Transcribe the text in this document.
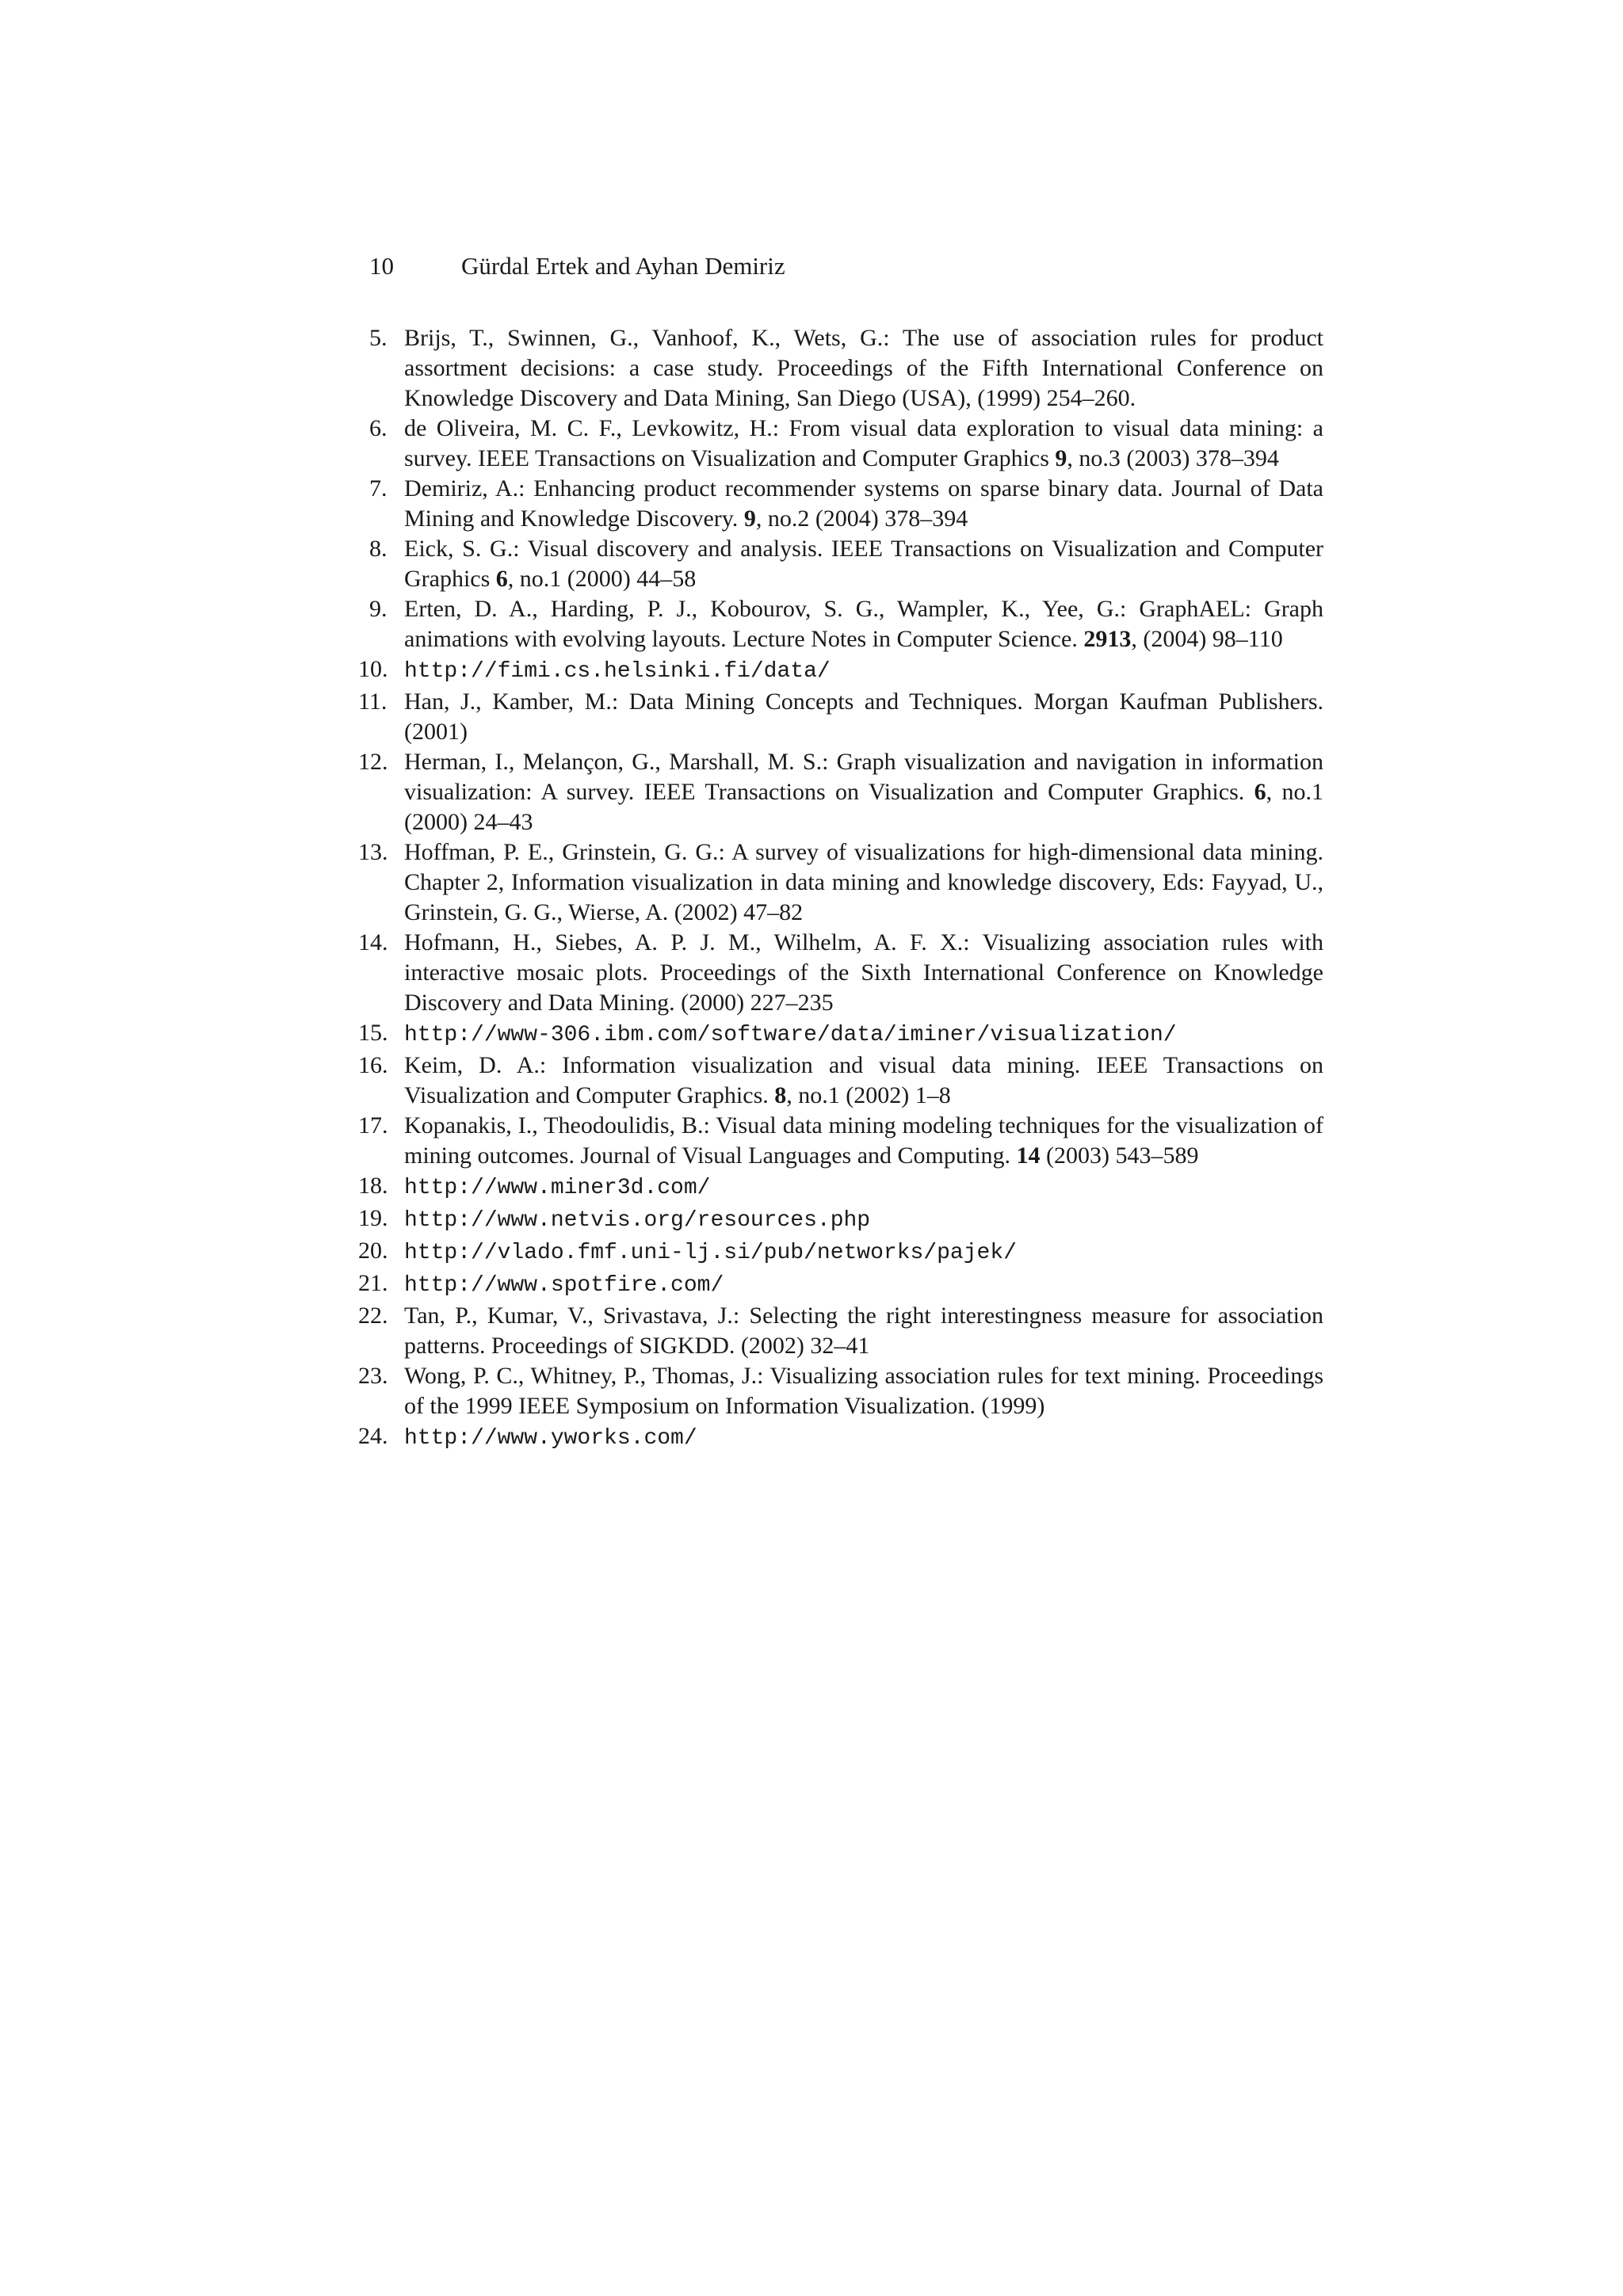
10	Gürdal Ertek and Ayhan Demiriz
5. Brijs, T., Swinnen, G., Vanhoof, K., Wets, G.: The use of association rules for product assortment decisions: a case study. Proceedings of the Fifth International Conference on Knowledge Discovery and Data Mining, San Diego (USA), (1999) 254–260.
6. de Oliveira, M. C. F., Levkowitz, H.: From visual data exploration to visual data mining: a survey. IEEE Transactions on Visualization and Computer Graphics 9, no.3 (2003) 378–394
7. Demiriz, A.: Enhancing product recommender systems on sparse binary data. Journal of Data Mining and Knowledge Discovery. 9, no.2 (2004) 378–394
8. Eick, S. G.: Visual discovery and analysis. IEEE Transactions on Visualization and Computer Graphics 6, no.1 (2000) 44–58
9. Erten, D. A., Harding, P. J., Kobourov, S. G., Wampler, K., Yee, G.: GraphAEL: Graph animations with evolving layouts. Lecture Notes in Computer Science. 2913, (2004) 98–110
10. http://fimi.cs.helsinki.fi/data/
11. Han, J., Kamber, M.: Data Mining Concepts and Techniques. Morgan Kaufman Publishers. (2001)
12. Herman, I., Melançon, G., Marshall, M. S.: Graph visualization and navigation in information visualization: A survey. IEEE Transactions on Visualization and Computer Graphics. 6, no.1 (2000) 24–43
13. Hoffman, P. E., Grinstein, G. G.: A survey of visualizations for high-dimensional data mining. Chapter 2, Information visualization in data mining and knowledge discovery, Eds: Fayyad, U., Grinstein, G. G., Wierse, A. (2002) 47–82
14. Hofmann, H., Siebes, A. P. J. M., Wilhelm, A. F. X.: Visualizing association rules with interactive mosaic plots. Proceedings of the Sixth International Conference on Knowledge Discovery and Data Mining. (2000) 227–235
15. http://www-306.ibm.com/software/data/iminer/visualization/
16. Keim, D. A.: Information visualization and visual data mining. IEEE Transactions on Visualization and Computer Graphics. 8, no.1 (2002) 1–8
17. Kopanakis, I., Theodoulidis, B.: Visual data mining modeling techniques for the visualization of mining outcomes. Journal of Visual Languages and Computing. 14 (2003) 543–589
18. http://www.miner3d.com/
19. http://www.netvis.org/resources.php
20. http://vlado.fmf.uni-lj.si/pub/networks/pajek/
21. http://www.spotfire.com/
22. Tan, P., Kumar, V., Srivastava, J.: Selecting the right interestingness measure for association patterns. Proceedings of SIGKDD. (2002) 32–41
23. Wong, P. C., Whitney, P., Thomas, J.: Visualizing association rules for text mining. Proceedings of the 1999 IEEE Symposium on Information Visualization. (1999)
24. http://www.yworks.com/
